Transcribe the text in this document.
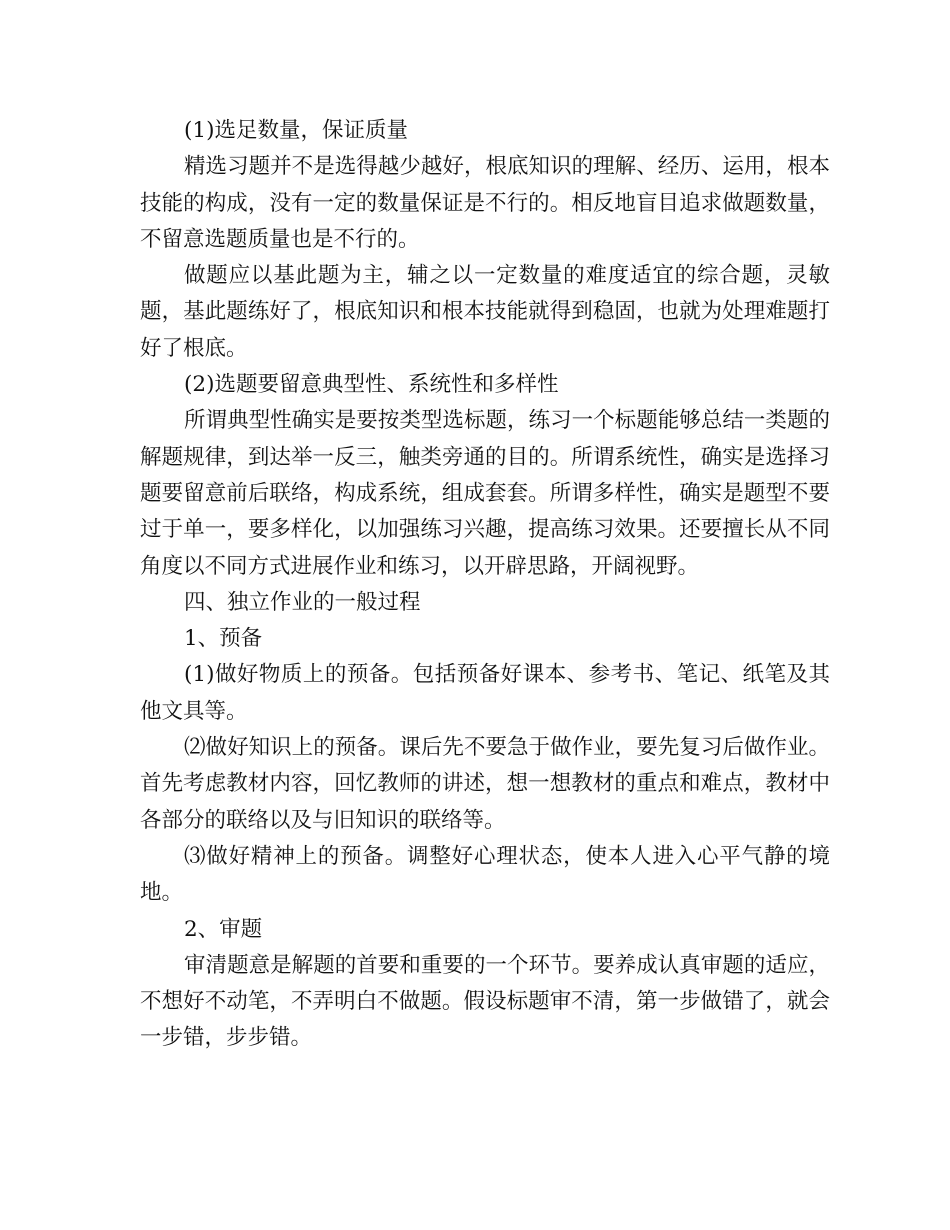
(1)选足数量，保证质量

精选习题并不是选得越少越好，根底知识的理解、经历、运用，根本技能的构成，没有一定的数量保证是不行的。相反地盲目追求做题数量，不留意选题质量也是不行的。

做题应以基此题为主，辅之以一定数量的难度适宜的综合题，灵敏题，基此题练好了，根底知识和根本技能就得到稳固，也就为处理难题打好了根底。

(2)选题要留意典型性、系统性和多样性

所谓典型性确实是要按类型选标题，练习一个标题能够总结一类题的解题规律，到达举一反三，触类旁通的目的。所谓系统性，确实是选择习题要留意前后联络，构成系统，组成套套。所谓多样性，确实是题型不要过于单一，要多样化，以加强练习兴趣，提高练习效果。还要擅长从不同角度以不同方式进展作业和练习，以开辟思路，开阔视野。

四、独立作业的一般过程

1、预备

(1)做好物质上的预备。包括预备好课本、参考书、笔记、纸笔及其他文具等。

⑵做好知识上的预备。课后先不要急于做作业，要先复习后做作业。首先考虑教材内容，回忆教师的讲述，想一想教材的重点和难点，教材中各部分的联络以及与旧知识的联络等。

⑶做好精神上的预备。调整好心理状态，使本人进入心平气静的境地。

2、审题

审清题意是解题的首要和重要的一个环节。要养成认真审题的适应，不想好不动笔，不弄明白不做题。假设标题审不清，第一步做错了，就会一步错，步步错。
